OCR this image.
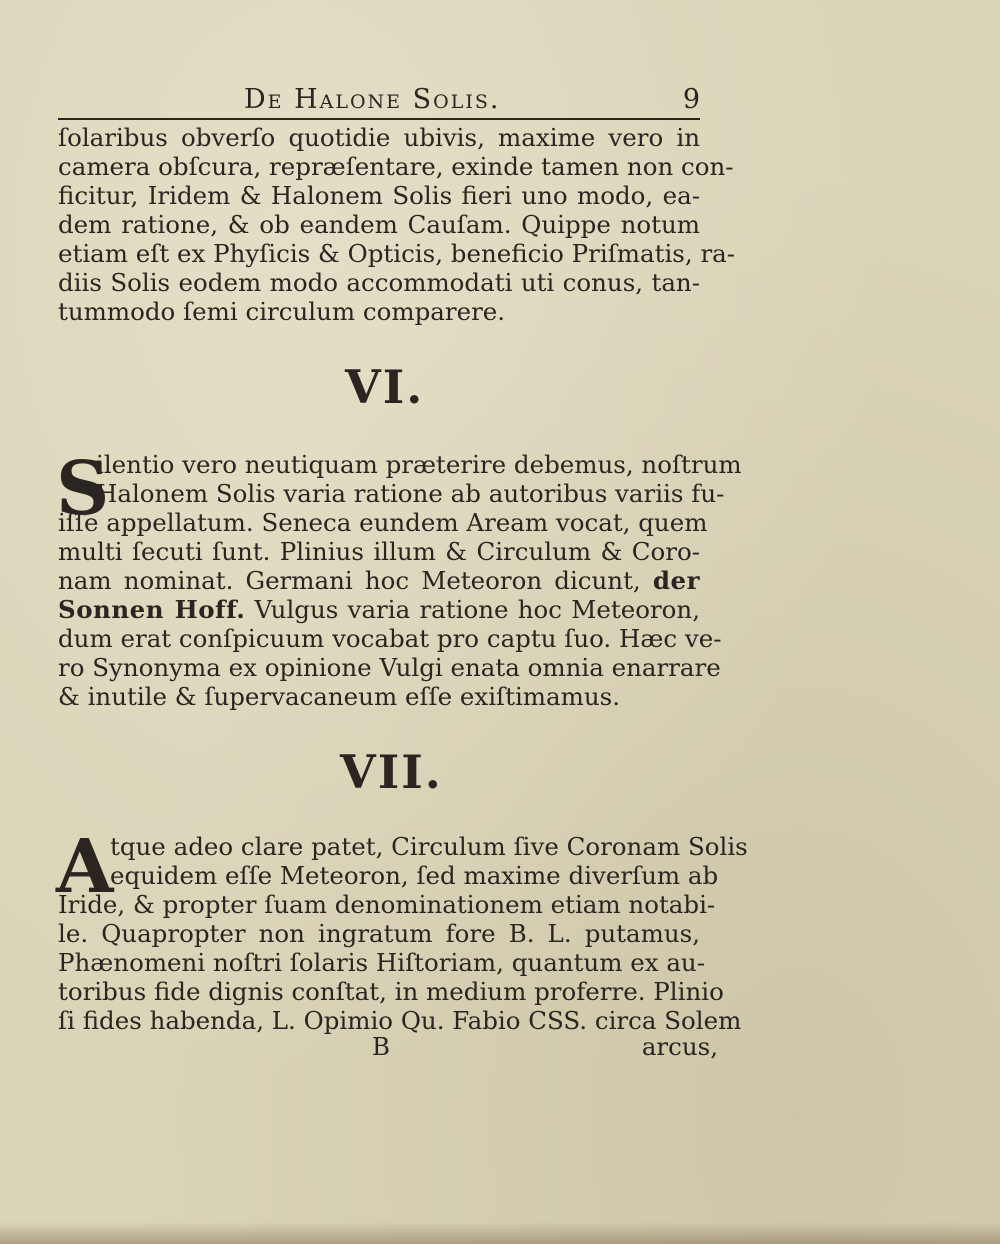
De Halone Solis.	9
ſolaribus obverſo quotidie ubivis, maxime vero in
camera obſcura, repræſentare, exinde tamen non con-
ficitur, Iridem & Halonem Solis fieri uno modo, ea-
dem ratione, & ob eandem Cauſam. Quippe notum
etiam eſt ex Phyſicis & Opticis, beneficio Priſmatis, ra-
diis Solis eodem modo accommodati uti conus, tan-
tummodo ſemi circulum comparere.
VI.
S
ilentio vero neutiquam præterire debemus, noſtrum
Halonem Solis varia ratione ab autoribus variis fu-
iſſe appellatum. Seneca eundem Aream vocat, quem
multi ſecuti ſunt. Plinius illum & Circulum & Coro-
nam nominat. Germani hoc Meteoron dicunt, der
Sonnen Hoff. Vulgus varia ratione hoc Meteoron,
dum erat conſpicuum vocabat pro captu ſuo. Hæc ve-
ro Synonyma ex opinione Vulgi enata omnia enarrare
& inutile & ſupervacaneum eſſe exiſtimamus.
VII.
A
tque adeo clare patet, Circulum ſive Coronam Solis
equidem eſſe Meteoron, ſed maxime diverſum ab
Iride, & propter ſuam denominationem etiam notabi-
le. Quapropter non ingratum fore B. L. putamus,
Phænomeni noſtri ſolaris Hiſtoriam, quantum ex au-
toribus fide dignis conſtat, in medium proferre. Plinio
ſi fides habenda, L. Opimio Qu. Fabio CSS. circa Solem
B	arcus,
